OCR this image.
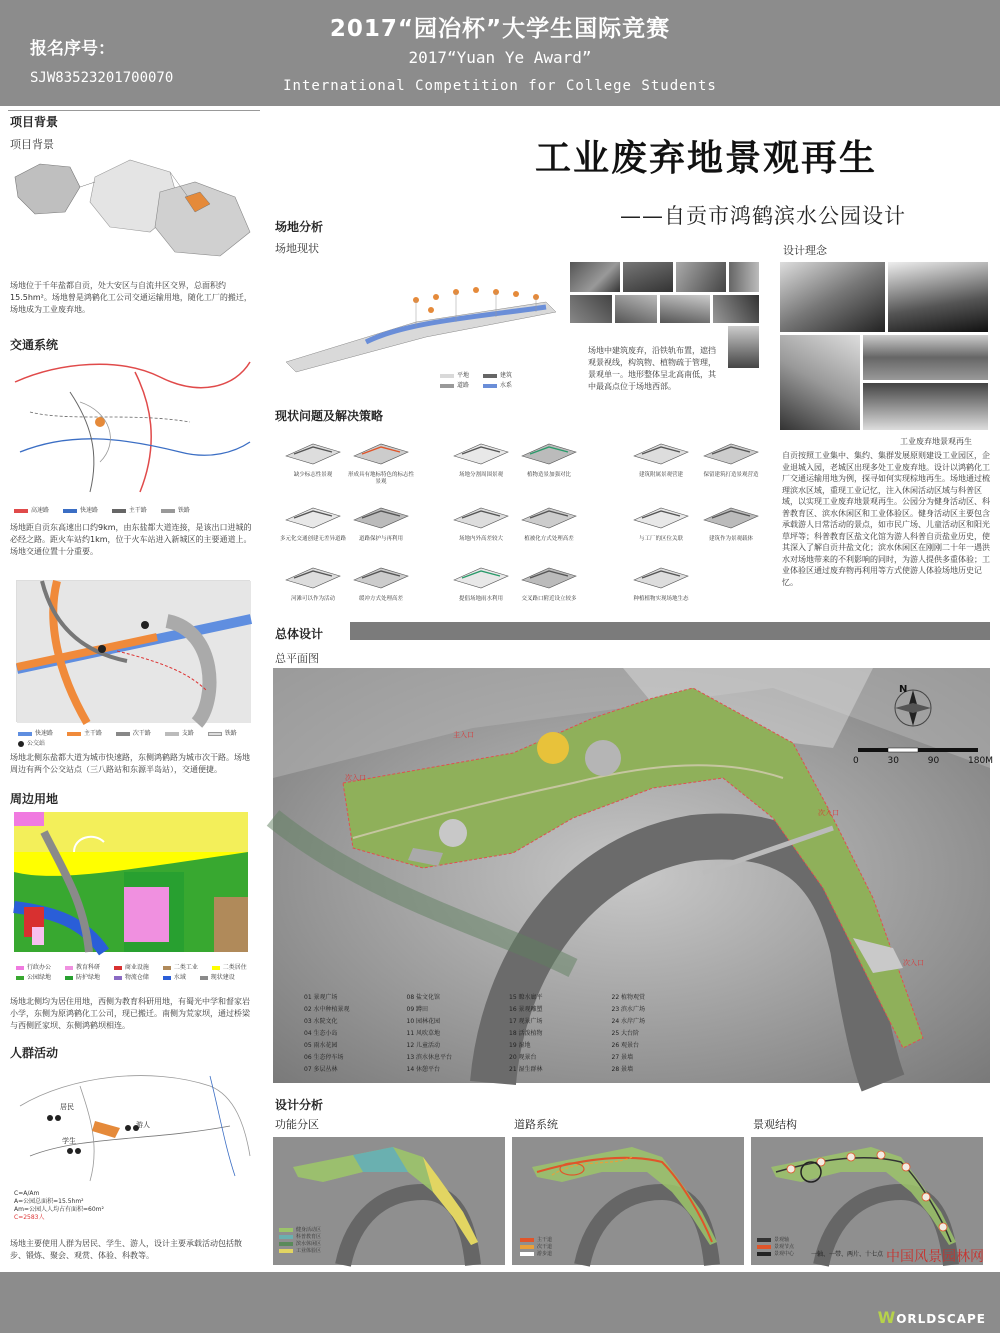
报名序号：
SJW83523201700070
2017“园冶杯”大学生国际竞赛
2017“Yuan Ye Award”
International Competition for College Students
工业废弃地景观再生
——自贡市鸿鹤滨水公园设计
项目背景
项目背景
场地位于千年盐都自贡，处大安区与自流井区交界，总面积约15.5hm²。场地曾是鸿鹤化工公司交通运输用地，随化工厂的搬迁，场地成为工业废弃地。
交通系统
高速路	快速路	主干路	铁路
场地距自贡东高速出口约9km，由东盐都大道连接，是该出口进城的必经之路。距火车站约1km，位于火车站进入新城区的主要通道上。场地交通位置十分重要。
快速路	主干路	次干路	支路	铁路
公交站
场地北侧东盐都大道为城市快速路，东侧鸿鹤路为城市次干路。场地周边有两个公交站点（三八路站和东源半岛站），交通便捷。
周边用地
行政办公	教育科研	商业设施	二类工业	二类居住
公园绿地	防护绿地	物流仓储	水域	现状建设
场地北侧均为居住用地，西侧为教育科研用地，有蜀光中学和督家岩小学，东侧为原鸿鹤化工公司，现已搬迁。南侧为荒家坝，通过桥梁与西侧匠家坝、东侧鸿鹤坝相连。
人群活动
居民
游人
学生
C=A/Am
A=公园总面积=15.5hm²
Am=公园人人均占有面积=60m²
C=2583人
场地主要使用人群为居民、学生、游人，设计主要承载活动包括散步、锻炼、聚会、观赏、体验、科教等。
场地分析
场地现状
平地	建筑
道路	水系
场地中建筑废弃，沿铁轨布置，遮挡观景视线，构筑物、植物疏于管理，景观单一。地形整体呈北高南低，其中最高点位于场地西部。
设计理念
工业废弃地景观再生
自贡按照工业集中、集约、集群发展原则建设工业园区，企业退城入园，老城区出现多处工业废弃地。设计以鸿鹤化工厂交通运输用地为例，探寻如何实现棕地再生。场地通过梳理滨水区域，重现工业记忆，注入休闲活动区域与科普区域，以实现工业废弃地景观再生。公园分为健身活动区、科普教育区、滨水休闲区和工业体验区。健身活动区主要包含承载游人日常活动的景点，如市民广场、儿童活动区和阳光草坪等；科普教育区盐文化馆为游人科普自贡盐业历史，使其深入了解自贡井盐文化；滨水休闲区在刚刚二十年一遇洪水对场地带来的不利影响的同时，为游人提供多重体验；工业体验区通过废弃物再利用等方式使游人体验场地历史记忆。
现状问题及解决策略
缺少标志性景观	形成具有地标特色的标志性景观
场地分割周围景观	植物造景加强对比	建筑附属景观营建	保留建筑打造景观营造
多元化交通创建无差异道路	道路保护与再利用	场地内外高差较大	植被化方式处理高差	与工厂的区位关联	建筑作为景观载体
河滩可以作为活动	缓冲方式处理高差	提倡场地雨水利用	交叉路口附近设立较多	种植植物实现场地生态
总体设计
总平面图
N
0	30	90	180M
主入口
次入口
次入口
次入口
01 景观广场	08 盐文化馆	15 瞭水廊平	22 植物观赏
02 水中种植景观	09 蹲田	16 景观雕塑	23 滨水广场
03 水院文化	10 园林花园	17 观景广场	24 水岸广场
04 生态小岛	11 风吹草地	18 活泼植物	25 大台阶
05 雨水花园	12 儿童活动	19 湿地	26 观景台
06 生态停车场	13 滨水休息平台	20 观景台	27 景墙
07 多层丛林	14 休憩平台	21 湿生群林	28 景墙
设计分析
功能分区	道路系统	景观结构
健身活动区
科普教育区
滨水休闲区
工业体验区
主干道
次干道
游步道
景观轴
景观节点
景观中心	一轴、一带、两片、十七点 中国风景园林网
WORLDSCAPE
